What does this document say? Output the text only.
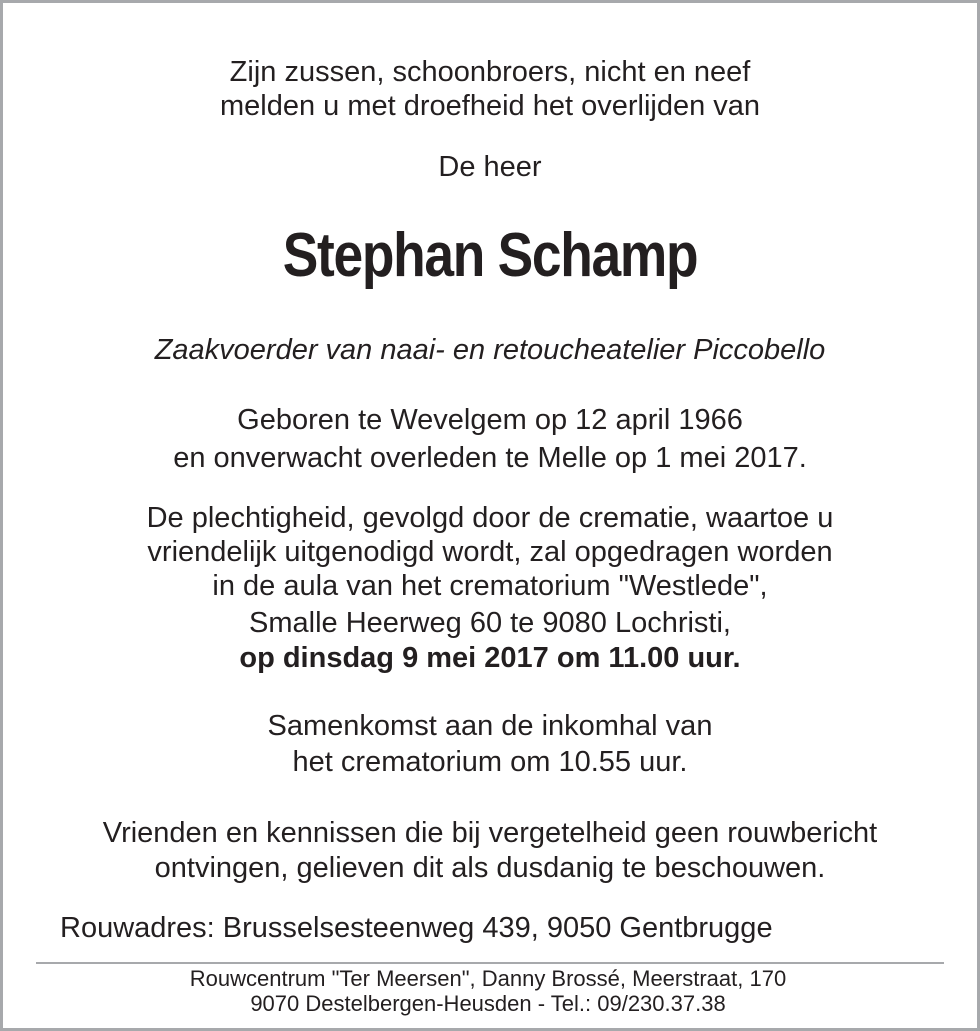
Zijn zussen, schoonbroers, nicht en neef
melden u met droefheid het overlijden van
De heer
Stephan Schamp
Zaakvoerder van naai- en retoucheatelier Piccobello
Geboren te Wevelgem op 12 april 1966
en onverwacht overleden te Melle op 1 mei 2017.
De plechtigheid, gevolgd door de crematie, waartoe u
vriendelijk uitgenodigd wordt, zal opgedragen worden
in de aula van het crematorium "Westlede",
Smalle Heerweg 60 te 9080 Lochristi,
op dinsdag 9 mei 2017 om 11.00 uur.
Samenkomst aan de inkomhal van
het crematorium om 10.55 uur.
Vrienden en kennissen die bij vergetelheid geen rouwbericht
ontvingen, gelieven dit als dusdanig te beschouwen.
Rouwadres: Brusselsesteenweg 439, 9050 Gentbrugge
Rouwcentrum "Ter Meersen", Danny Brossé, Meerstraat, 170
9070 Destelbergen-Heusden - Tel.: 09/230.37.38
